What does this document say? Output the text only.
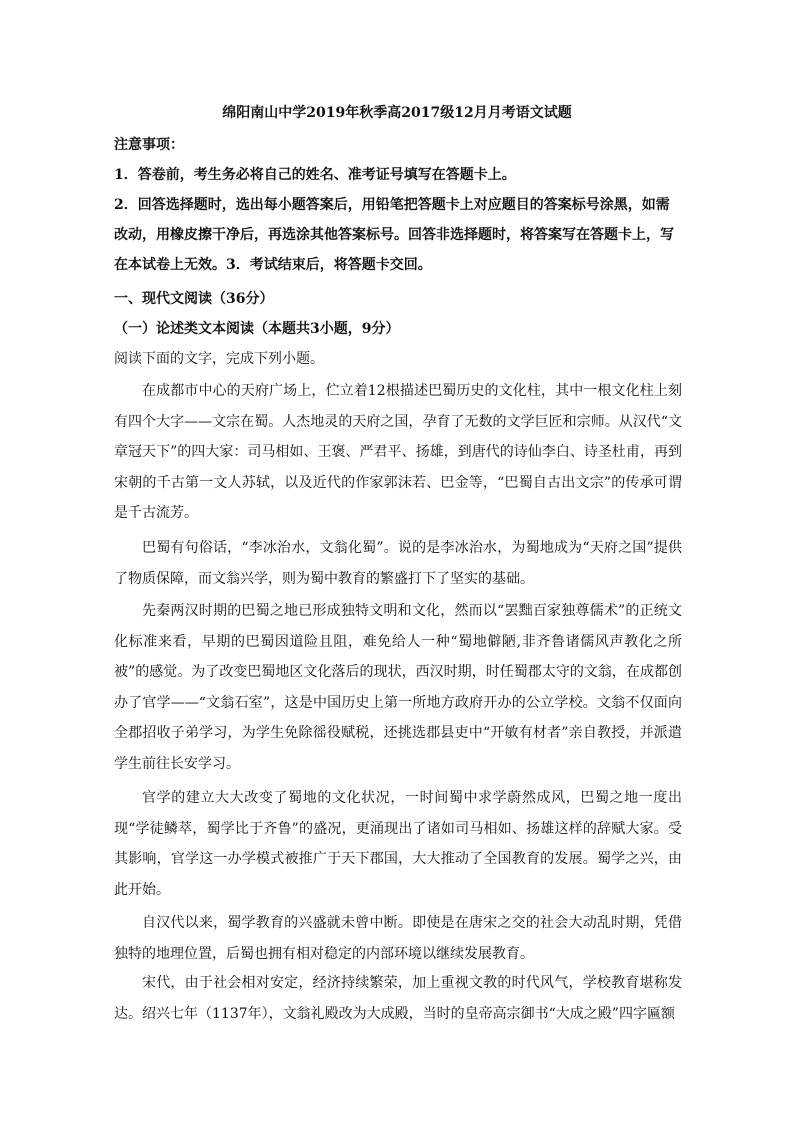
绵阳南山中学2019年秋季高2017级12月月考语文试题
注意事项：
1．答卷前，考生务必将自己的姓名、准考证号填写在答题卡上。
2．回答选择题时，选出每小题答案后，用铅笔把答题卡上对应题目的答案标号涂黑，如需改动，用橡皮擦干净后，再选涂其他答案标号。回答非选择题时，将答案写在答题卡上，写在本试卷上无效。3．考试结束后，将答题卡交回。
一、现代文阅读（36分）
（一）论述类文本阅读（本题共3小题，9分）
阅读下面的文字，完成下列小题。
在成都市中心的天府广场上，伫立着12根描述巴蜀历史的文化柱，其中一根文化柱上刻有四个大字——文宗在蜀。人杰地灵的天府之国，孕育了无数的文学巨匠和宗师。从汉代“文章冠天下”的四大家：司马相如、王褒、严君平、扬雄，到唐代的诗仙李白、诗圣杜甫，再到宋朝的千古第一文人苏轼，以及近代的作家郭沫若、巴金等，“巴蜀自古出文宗”的传承可谓是千古流芳。
巴蜀有句俗话，“李冰治水，文翁化蜀”。说的是李冰治水，为蜀地成为“天府之国”提供了物质保障，而文翁兴学，则为蜀中教育的繁盛打下了坚实的基础。
先秦两汉时期的巴蜀之地已形成独特文明和文化，然而以“罢黜百家独尊儒术”的正统文化标准来看，早期的巴蜀因道险且阻，难免给人一种“蜀地僻陋,非齐鲁诸儒风声教化之所被”的感觉。为了改变巴蜀地区文化落后的现状，西汉时期，时任蜀郡太守的文翁，在成都创办了官学——“文翁石室”，这是中国历史上第一所地方政府开办的公立学校。文翁不仅面向全郡招收子弟学习，为学生免除徭役赋税，还挑选郡县吏中“开敏有材者”亲自教授，并派遣学生前往长安学习。
官学的建立大大改变了蜀地的文化状况，一时间蜀中求学蔚然成风，巴蜀之地一度出现“学徒鳞萃，蜀学比于齐鲁”的盛况，更涌现出了诸如司马相如、扬雄这样的辞赋大家。受其影响，官学这一办学模式被推广于天下郡国，大大推动了全国教育的发展。蜀学之兴，由此开始。
自汉代以来，蜀学教育的兴盛就未曾中断。即使是在唐宋之交的社会大动乱时期，凭借独特的地理位置，后蜀也拥有相对稳定的内部环境以继续发展教育。
宋代，由于社会相对安定，经济持续繁荣，加上重视文教的时代风气，学校教育堪称发达。绍兴七年（1137年），文翁礼殿改为大成殿，当时的皇帝高宗御书“大成之殿”四字匾额
